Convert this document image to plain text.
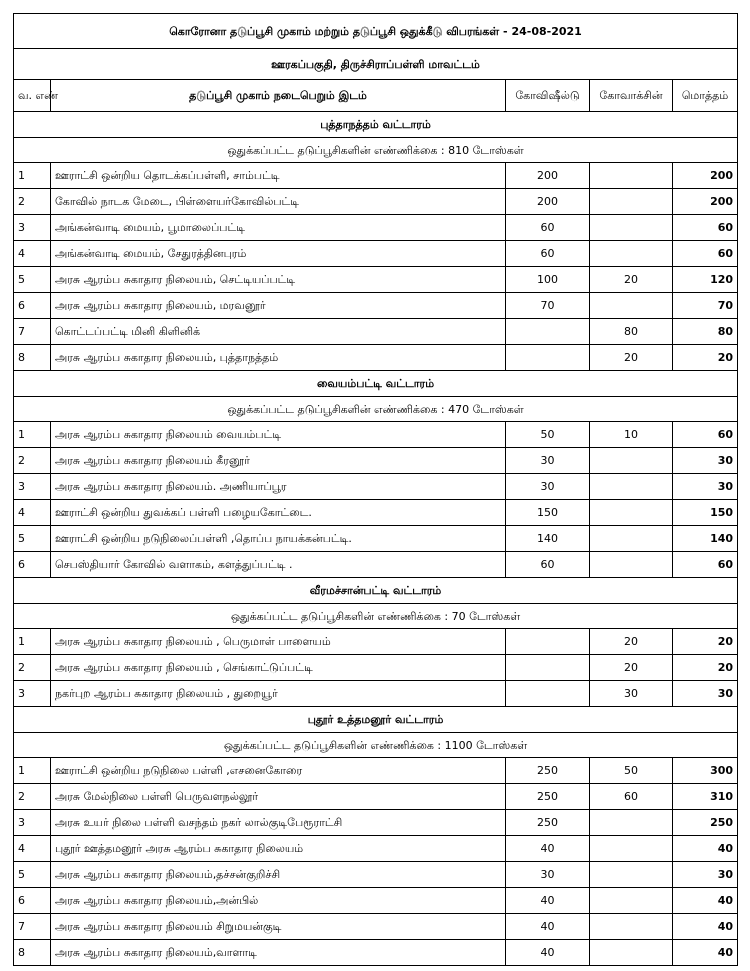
கொரோனா தடுப்பூசி முகாம் மற்றும் தடுப்பூசி ஒதுக்கீடு விபரங்கள் - 24-08-2021				
ஊரகப்பகுதி, திருச்சிராப்பள்ளி மாவட்டம்				
வ. எண்	தடுப்பூசி முகாம் நடைபெறும் இடம்	கோவிஷீல்டு	கோவாக்சின்	மொத்தம்
புத்தாநத்தம் வட்டாரம்				
ஒதுக்கப்பட்ட தடுப்பூசிகளின் எண்ணிக்கை : 810 டோஸ்கள்				
1	ஊராட்சி ஒன்றிய தொடக்கப்பள்ளி, சாம்பட்டி	200		200
2	கோவில் நாடக மேடை, பிள்ளையர்கோவில்பட்டி	200		200
3	அங்கன்வாடி மையம், பூமாலைப்பட்டி	60		60
4	அங்கன்வாடி மையம், சேதுரத்தினபுரம்	60		60
5	அரசு ஆரம்ப சுகாதார நிலையம், செட்டியப்பட்டி	100	20	120
6	அரசு ஆரம்ப சுகாதார நிலையம், மரவனூர்	70		70
7	கொட்டப்பட்டி மினி கிளினிக்		80	80
8	அரசு ஆரம்ப சுகாதார நிலையம், புத்தாநத்தம்		20	20
வையம்பட்டி வட்டாரம்				
ஒதுக்கப்பட்ட தடுப்பூசிகளின் எண்ணிக்கை : 470 டோஸ்கள்				
1	அரசு ஆரம்ப சுகாதார நிலையம் வையம்பட்டி	50	10	60
2	அரசு ஆரம்ப சுகாதார நிலையம் கீரனூர்	30		30
3	அரசு ஆரம்ப சுகாதார நிலையம். அணியாப்பூர	30		30
4	ஊராட்சி ஒன்றிய துவக்கப் பள்ளி பழையகோட்டை.	150		150
5	ஊராட்சி ஒன்றிய நடுநிலைப்பள்ளி ,தொப்ப நாயக்கன்பட்டி.	140		140
6	செபஸ்தியார் கோவில் வளாகம், களத்துப்பட்டி .	60		60
வீரமச்சான்பட்டி வட்டாரம்				
ஒதுக்கப்பட்ட தடுப்பூசிகளின் எண்ணிக்கை : 70 டோஸ்கள்				
1	அரசு ஆரம்ப சுகாதார நிலையம் , பெருமாள் பாளையம்		20	20
2	அரசு ஆரம்ப சுகாதார நிலையம் , செங்காட்டுப்பட்டி		20	20
3	நகர்புற ஆரம்ப சுகாதார நிலையம் , துறையூர்		30	30
புதூர் உத்தமனூர் வட்டாரம்				
ஒதுக்கப்பட்ட தடுப்பூசிகளின் எண்ணிக்கை : 1100 டோஸ்கள்				
1	ஊராட்சி ஒன்றிய நடுநிலை பள்ளி ,எசனைகோரை	250	50	300
2	அரசு மேல்நிலை பள்ளி பெருவளநல்லூர்	250	60	310
3	அரசு உயர் நிலை பள்ளி வசந்தம் நகர் லால்குடிபேரூராட்சி	250		250
4	புதூர் ஊத்தமனூர் அரசு ஆரம்ப சுகாதார நிலையம்	40		40
5	அரசு ஆரம்ப சுகாதார நிலையம்,தச்சன்குறிச்சி	30		30
6	அரசு ஆரம்ப சுகாதார நிலையம்,அன்பில்	40		40
7	அரசு ஆரம்ப சுகாதார நிலையம் சிறுமயன்குடி	40		40
8	அரசு ஆரம்ப சுகாதார நிலையம்,வாளாடி	40		40
